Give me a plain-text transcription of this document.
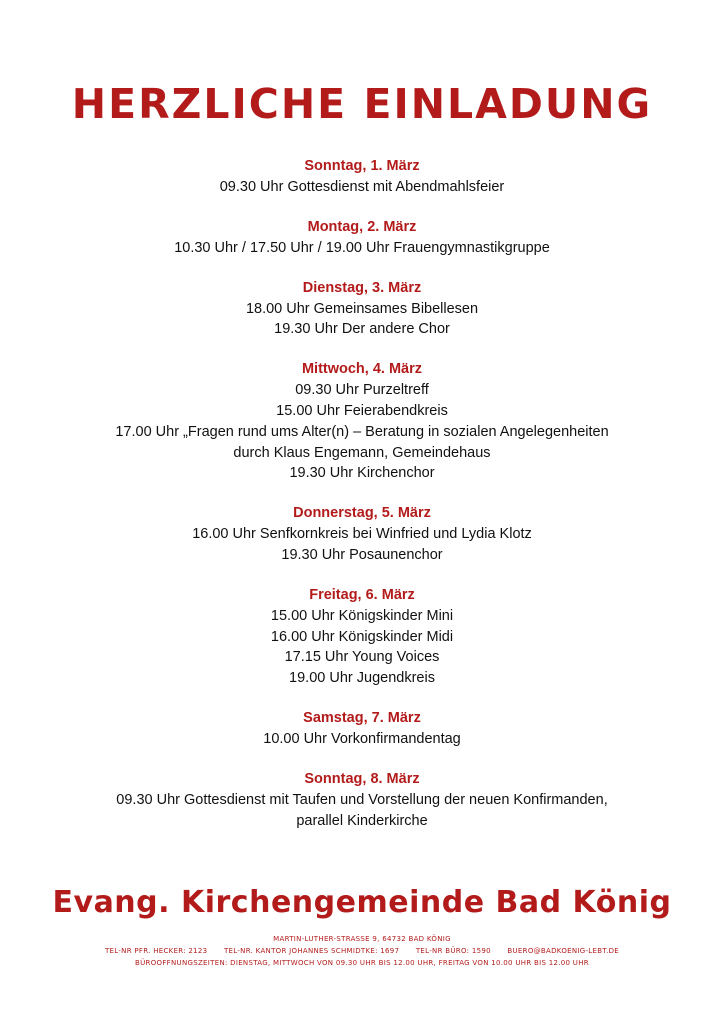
HERZLICHE EINLADUNG
Sonntag, 1. März
09.30 Uhr Gottesdienst mit Abendmahlsfeier
Montag, 2. März
10.30 Uhr / 17.50 Uhr / 19.00 Uhr Frauengymnastikgruppe
Dienstag, 3. März
18.00 Uhr Gemeinsames Bibellesen
19.30 Uhr Der andere Chor
Mittwoch, 4. März
09.30 Uhr Purzeltreff
15.00 Uhr Feierabendkreis
17.00 Uhr „Fragen rund ums Alter(n) – Beratung in sozialen Angelegenheiten
durch Klaus Engemann, Gemeindehaus
19.30 Uhr Kirchenchor
Donnerstag, 5. März
16.00 Uhr Senfkornkreis bei Winfried und Lydia Klotz
19.30 Uhr Posaunenchor
Freitag, 6. März
15.00 Uhr Königskinder Mini
16.00 Uhr Königskinder Midi
17.15 Uhr Young Voices
19.00 Uhr Jugendkreis
Samstag, 7. März
10.00 Uhr Vorkonfirmandentag
Sonntag, 8. März
09.30 Uhr Gottesdienst mit Taufen und Vorstellung der neuen Konfirmanden,
parallel Kinderkirche
Evang. Kirchengemeinde Bad König
MARTIN-LUTHER-STRASSE 9, 64732 BAD KÖNIG
TEL-NR PFR. HECKER: 2123 TEL-NR. KANTOR JOHANNES SCHMIDTKE: 1697 TEL-NR BÜRO: 1590 BUERO@BADKOENIG-LEBT.DE
BÜROOFFNUNGSZEITEN: DIENSTAG, MITTWOCH VON 09.30 UHR BIS 12.00 UHR, FREITAG VON 10.00 UHR BIS 12.00 UHR
